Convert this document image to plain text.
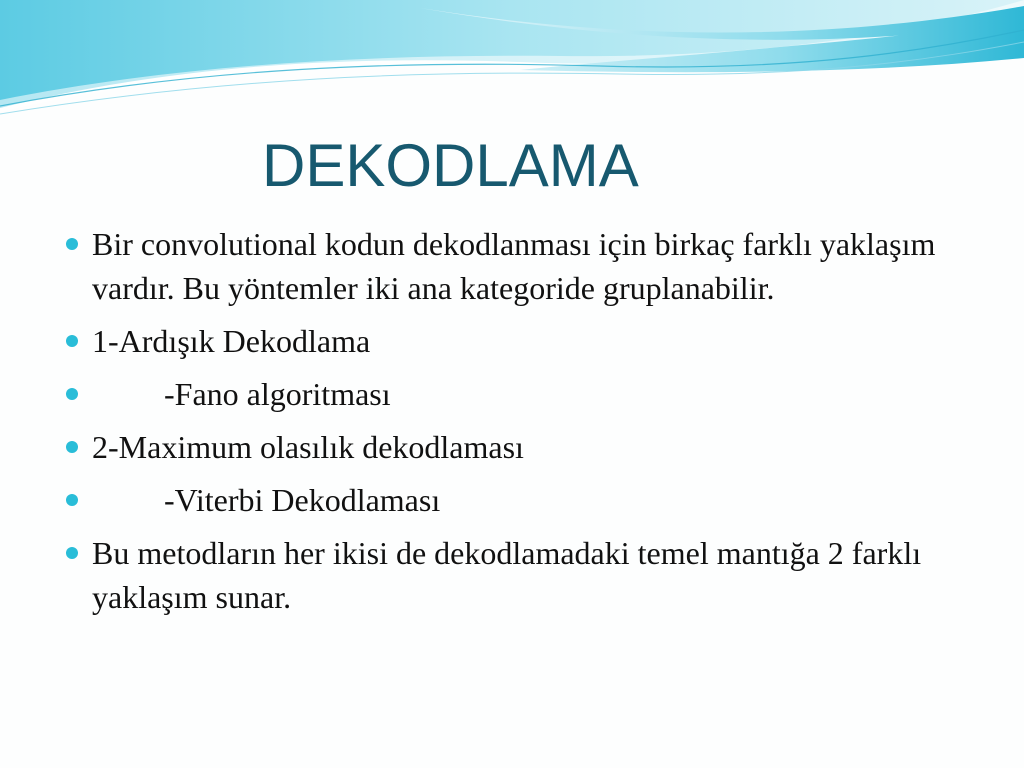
DEKODLAMA
Bir convolutional kodun dekodlanması için birkaç farklı yaklaşım vardır. Bu yöntemler iki ana kategoride gruplanabilir.
1-Ardışık Dekodlama
-Fano algoritması
2-Maximum olasılık dekodlaması
-Viterbi Dekodlaması
Bu metodların her ikisi de dekodlamadaki temel mantığa 2 farklı yaklaşım sunar.
